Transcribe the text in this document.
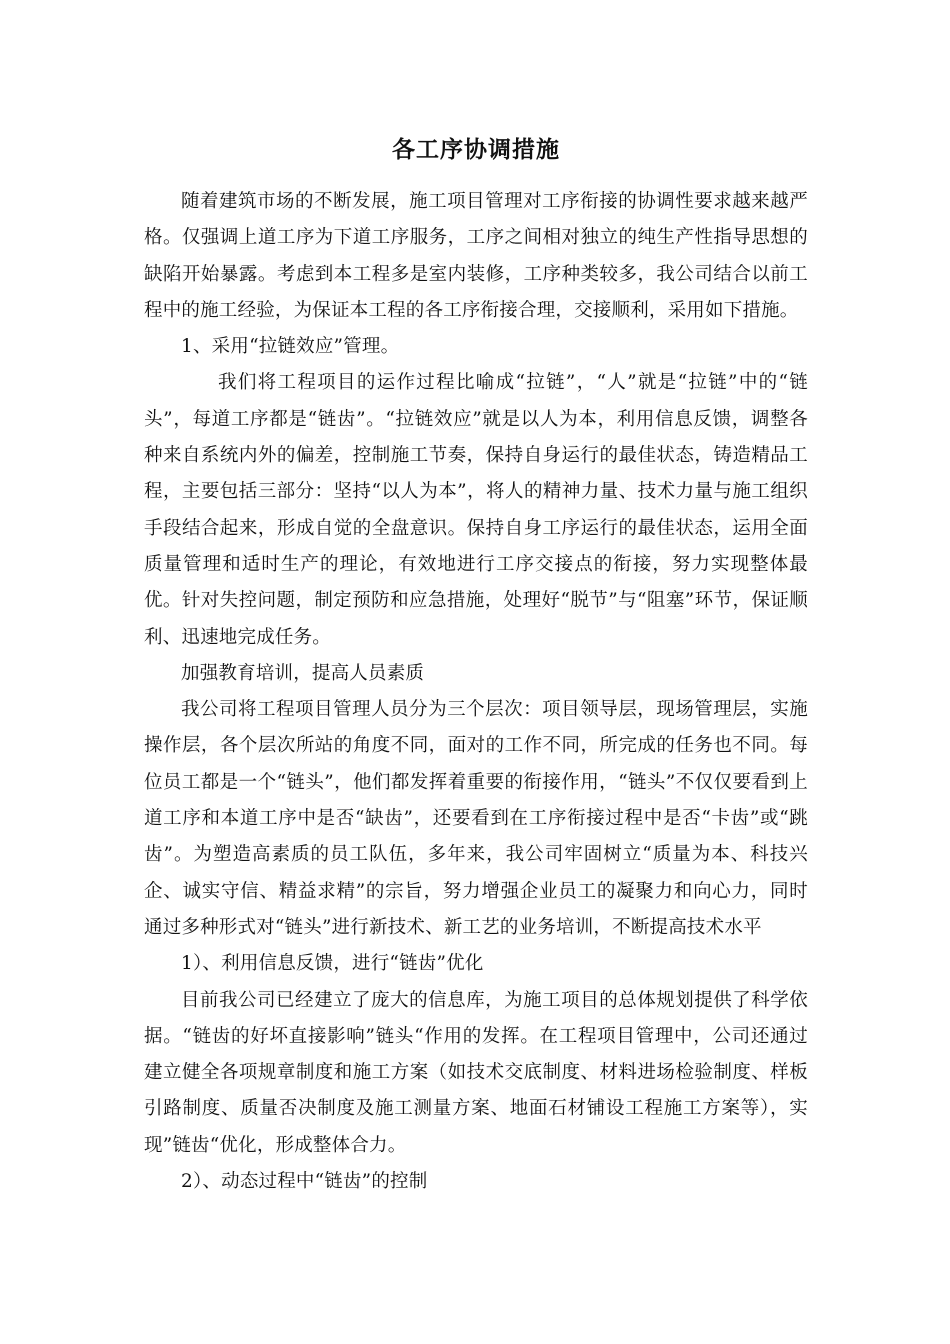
各工序协调措施

随着建筑市场的不断发展，施工项目管理对工序衔接的协调性要求越来越严格。仅强调上道工序为下道工序服务，工序之间相对独立的纯生产性指导思想的缺陷开始暴露。考虑到本工程多是室内装修，工序种类较多，我公司结合以前工程中的施工经验，为保证本工程的各工序衔接合理，交接顺利，采用如下措施。

1、采用“拉链效应”管理。

我们将工程项目的运作过程比喻成“拉链”，“人”就是“拉链”中的“链头”，每道工序都是“链齿”。“拉链效应”就是以人为本，利用信息反馈，调整各种来自系统内外的偏差，控制施工节奏，保持自身运行的最佳状态，铸造精品工程，主要包括三部分：坚持“以人为本”，将人的精神力量、技术力量与施工组织手段结合起来，形成自觉的全盘意识。保持自身工序运行的最佳状态，运用全面质量管理和适时生产的理论，有效地进行工序交接点的衔接，努力实现整体最优。针对失控问题，制定预防和应急措施，处理好“脱节”与“阻塞”环节，保证顺利、迅速地完成任务。

加强教育培训，提高人员素质

我公司将工程项目管理人员分为三个层次：项目领导层，现场管理层，实施操作层，各个层次所站的角度不同，面对的工作不同，所完成的任务也不同。每位员工都是一个“链头”，他们都发挥着重要的衔接作用，“链头”不仅仅要看到上道工序和本道工序中是否“缺齿”，还要看到在工序衔接过程中是否“卡齿”或“跳齿”。为塑造高素质的员工队伍，多年来，我公司牢固树立“质量为本、科技兴企、诚实守信、精益求精”的宗旨，努力增强企业员工的凝聚力和向心力，同时通过多种形式对“链头”进行新技术、新工艺的业务培训，不断提高技术水平

1）、利用信息反馈，进行“链齿”优化

目前我公司已经建立了庞大的信息库，为施工项目的总体规划提供了科学依据。“链齿的好坏直接影响”链头“作用的发挥。在工程项目管理中，公司还通过建立健全各项规章制度和施工方案（如技术交底制度、材料进场检验制度、样板引路制度、质量否决制度及施工测量方案、地面石材铺设工程施工方案等），实现”链齿“优化，形成整体合力。

2）、动态过程中“链齿”的控制
